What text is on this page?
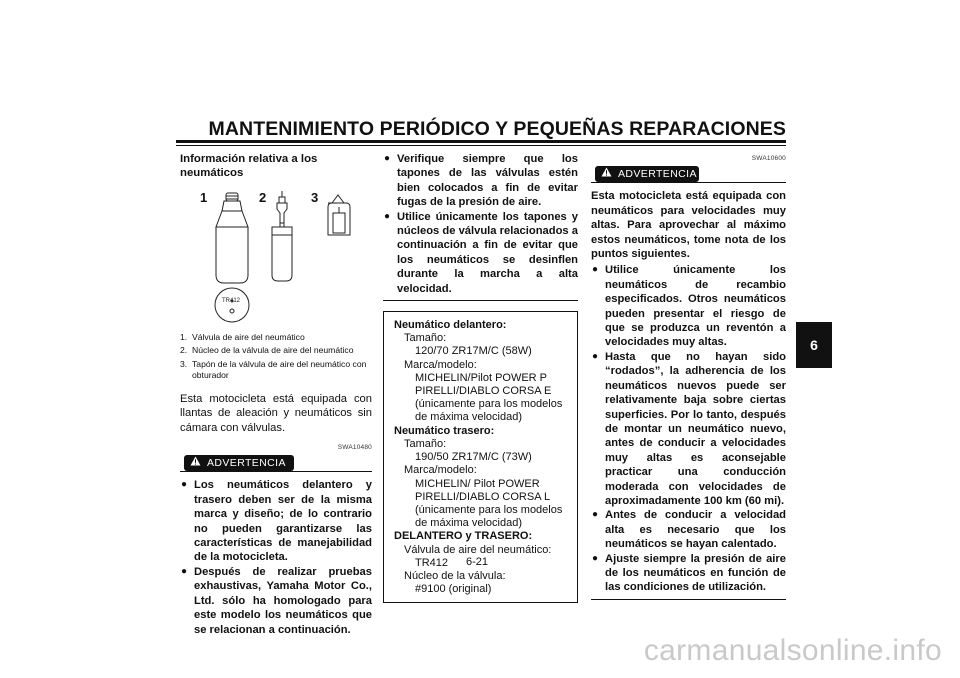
MANTENIMIENTO PERIÓDICO Y PEQUEÑAS REPARACIONES
Información relativa a los neumáticos
1	2	3
TR412
1. Válvula de aire del neumático
2. Núcleo de la válvula de aire del neumático
3. Tapón de la válvula de aire del neumático con obturador
Esta motocicleta está equipada con llantas de aleación y neumáticos sin cámara con válvulas.
SWA10480
ADVERTENCIA
● Los neumáticos delantero y trasero deben ser de la misma marca y diseño; de lo contrario no pueden garantizarse las características de manejabilidad de la motocicleta.
● Después de realizar pruebas exhaustivas, Yamaha Motor Co., Ltd. sólo ha homologado para este modelo los neumáticos que se relacionan a continuación.
● Verifique siempre que los tapones de las válvulas estén bien colocados a fin de evitar fugas de la presión de aire.
● Utilice únicamente los tapones y núcleos de válvula relacionados a continuación a fin de evitar que los neumáticos se desinflen durante la marcha a alta velocidad.
Neumático delantero:
Tamaño:
120/70 ZR17M/C (58W)
Marca/modelo:
MICHELIN/Pilot POWER P
PIRELLI/DIABLO CORSA E (únicamente para los modelos de máxima velocidad)
Neumático trasero:
Tamaño:
190/50 ZR17M/C (73W)
Marca/modelo:
MICHELIN/ Pilot POWER
PIRELLI/DIABLO CORSA L (únicamente para los modelos de máxima velocidad)
DELANTERO y TRASERO:
Válvula de aire del neumático:
TR412
Núcleo de la válvula:
#9100 (original)
SWA10600
ADVERTENCIA
Esta motocicleta está equipada con neumáticos para velocidades muy altas. Para aprovechar al máximo estos neumáticos, tome nota de los puntos siguientes.
● Utilice únicamente los neumáticos de recambio especificados. Otros neumáticos pueden presentar el riesgo de que se produzca un reventón a velocidades muy altas.
● Hasta que no hayan sido “rodados”, la adherencia de los neumáticos nuevos puede ser relativamente baja sobre ciertas superficies. Por lo tanto, después de montar un neumático nuevo, antes de conducir a velocidades muy altas es aconsejable practicar una conducción moderada con velocidades de aproximadamente 100 km (60 mi).
● Antes de conducir a velocidad alta es necesario que los neumáticos se hayan calentado.
● Ajuste siempre la presión de aire de los neumáticos en función de las condiciones de utilización.
6
6-21
carmanualsonline.info
